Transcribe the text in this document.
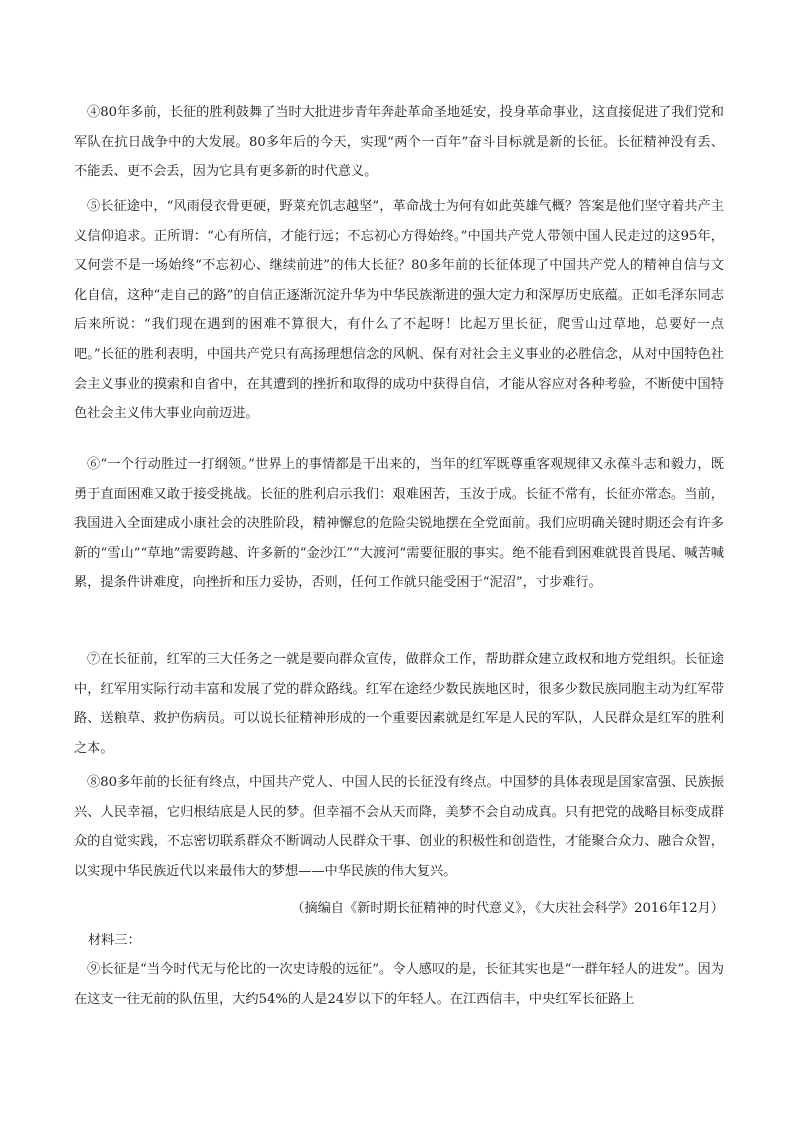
④80年多前，长征的胜利鼓舞了当时大批进步青年奔赴革命圣地延安，投身革命事业，这直接促进了我们党和军队在抗日战争中的大发展。80多年后的今天，实现“两个一百年”奋斗目标就是新的长征。长征精神没有丢、不能丢、更不会丢，因为它具有更多新的时代意义。

⑤长征途中，“风雨侵衣骨更硬，野菜充饥志越坚”，革命战士为何有如此英雄气概？答案是他们坚守着共产主义信仰追求。正所谓：“心有所信，才能行远；不忘初心方得始终。”中国共产党人带领中国人民走过的这95年，又何尝不是一场始终“不忘初心、继续前进”的伟大长征？80多年前的长征体现了中国共产党人的精神自信与文化自信，这种“走自己的路”的自信正逐渐沉淀升华为中华民族渐进的强大定力和深厚历史底蕴。正如毛泽东同志后来所说：“我们现在遇到的困难不算很大，有什么了不起呀！比起万里长征，爬雪山过草地，总要好一点吧。”长征的胜利表明，中国共产党只有高扬理想信念的风帆、保有对社会主义事业的必胜信念，从对中国特色社会主义事业的摸索和自省中，在其遭到的挫折和取得的成功中获得自信，才能从容应对各种考验，不断使中国特色社会主义伟大事业向前迈进。

⑥“一个行动胜过一打纲领。”世界上的事情都是干出来的，当年的红军既尊重客观规律又永葆斗志和毅力，既勇于直面困难又敢于接受挑战。长征的胜利启示我们：艰难困苦，玉汝于成。长征不常有，长征亦常态。当前，我国进入全面建成小康社会的决胜阶段，精神懈怠的危险尖锐地摆在全党面前。我们应明确关键时期还会有许多新的“雪山”“草地”需要跨越、许多新的“金沙江”“大渡河”需要征服的事实。绝不能看到困难就畏首畏尾、喊苦喊累，提条件讲难度，向挫折和压力妥协，否则，任何工作就只能受困于“泥沼”，寸步难行。

⑦在长征前，红军的三大任务之一就是要向群众宣传，做群众工作，帮助群众建立政权和地方党组织。长征途中，红军用实际行动丰富和发展了党的群众路线。红军在途经少数民族地区时，很多少数民族同胞主动为红军带路、送粮草、救护伤病员。可以说长征精神形成的一个重要因素就是红军是人民的军队，人民群众是红军的胜利之本。

⑧80多年前的长征有终点，中国共产党人、中国人民的长征没有终点。中国梦的具体表现是国家富强、民族振兴、人民幸福，它归根结底是人民的梦。但幸福不会从天而降，美梦不会自动成真。只有把党的战略目标变成群众的自觉实践，不忘密切联系群众不断调动人民群众干事、创业的积极性和创造性，才能聚合众力、融合众智，以实现中华民族近代以来最伟大的梦想——中华民族的伟大复兴。

（摘编自《新时期长征精神的时代意义》，《大庆社会科学》2016年12月）

材料三：

⑨长征是“当今时代无与伦比的一次史诗般的远征”。令人感叹的是，长征其实也是“一群年轻人的进发”。因为在这支一往无前的队伍里，大约54%的人是24岁以下的年轻人。在江西信丰，中央红军长征路上
